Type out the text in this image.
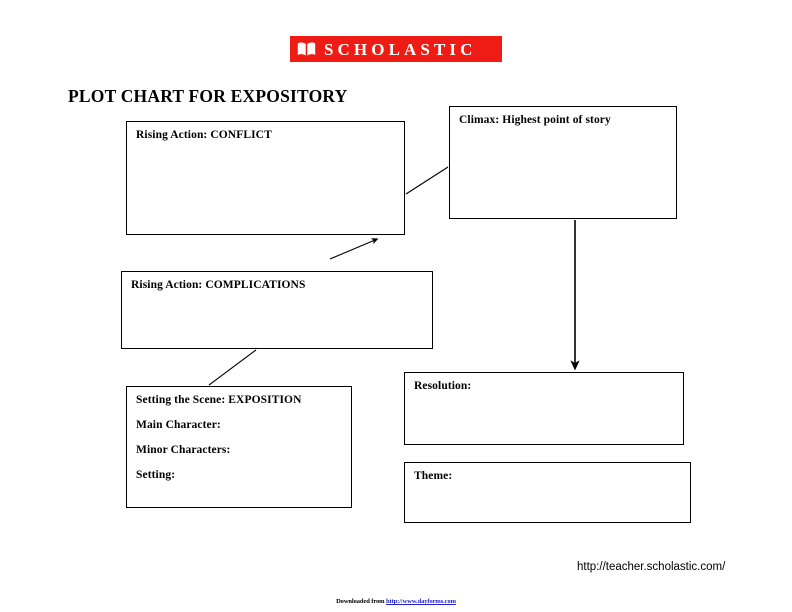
SCHOLASTIC
PLOT CHART FOR EXPOSITORY
Rising Action: CONFLICT
Climax: Highest point of story
Rising Action: COMPLICATIONS
Setting the Scene: EXPOSITION
Main Character:
Minor Characters:
Setting:
Resolution:
Theme:
http://teacher.scholastic.com/
Downloaded from http://www.dayforms.com
